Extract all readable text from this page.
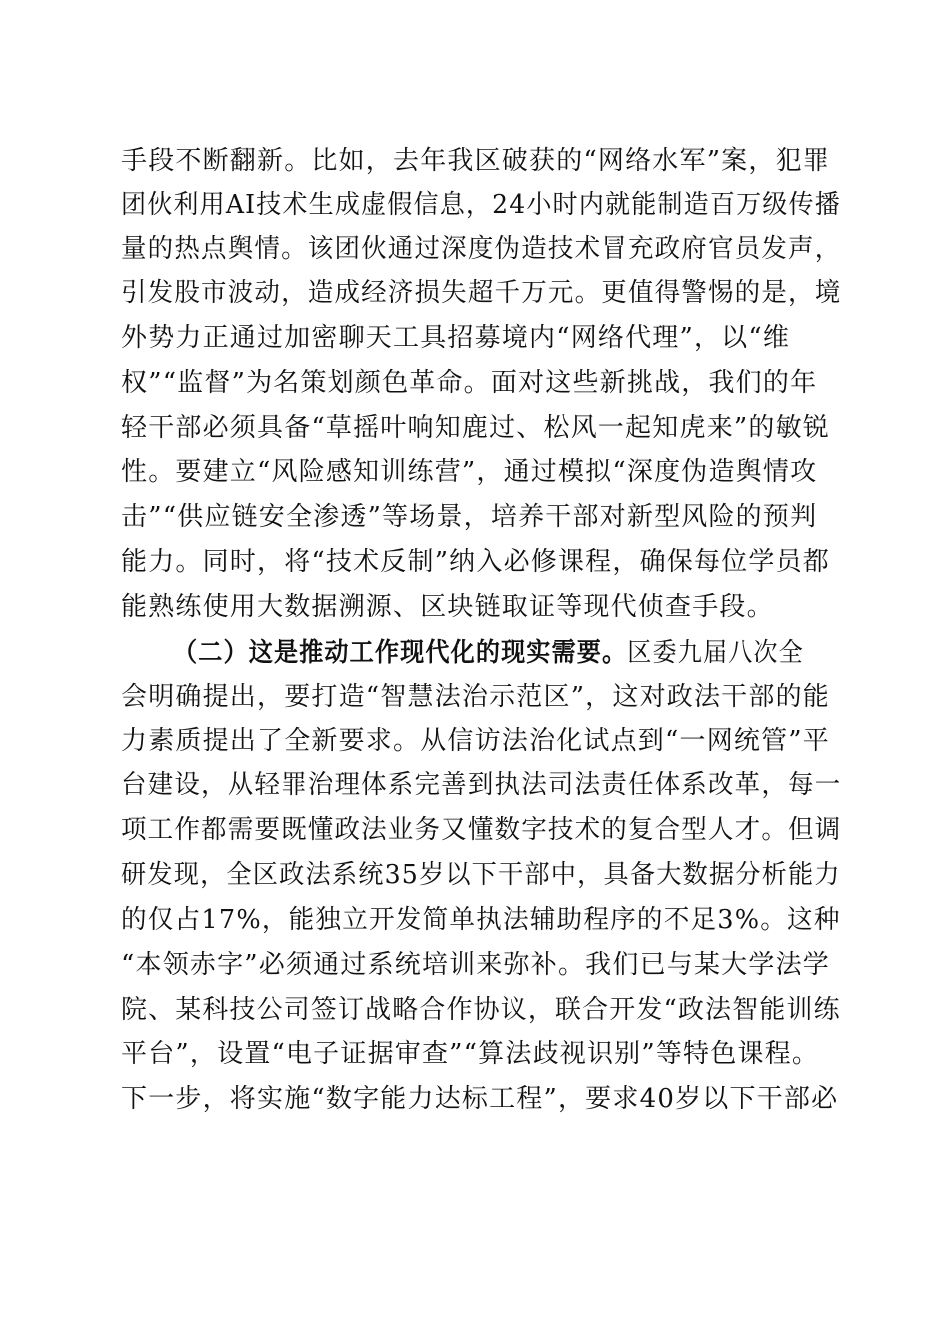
手段不断翻新。比如，去年我区破获的“网络水军”案，犯罪
团伙利用AI技术生成虚假信息，24小时内就能制造百万级传播
量的热点舆情。该团伙通过深度伪造技术冒充政府官员发声，
引发股市波动，造成经济损失超千万元。更值得警惕的是，境
外势力正通过加密聊天工具招募境内“网络代理”，以“维
权”“监督”为名策划颜色革命。面对这些新挑战，我们的年
轻干部必须具备“草摇叶响知鹿过、松风一起知虎来”的敏锐
性。要建立“风险感知训练营”，通过模拟“深度伪造舆情攻
击”“供应链安全渗透”等场景，培养干部对新型风险的预判
能力。同时，将“技术反制”纳入必修课程，确保每位学员都
能熟练使用大数据溯源、区块链取证等现代侦查手段。
（二）这是推动工作现代化的现实需要。区委九届八次全
会明确提出，要打造“智慧法治示范区”，这对政法干部的能
力素质提出了全新要求。从信访法治化试点到“一网统管”平
台建设，从轻罪治理体系完善到执法司法责任体系改革，每一
项工作都需要既懂政法业务又懂数字技术的复合型人才。但调
研发现，全区政法系统35岁以下干部中，具备大数据分析能力
的仅占17%，能独立开发简单执法辅助程序的不足3%。这种
“本领赤字”必须通过系统培训来弥补。我们已与某大学法学
院、某科技公司签订战略合作协议，联合开发“政法智能训练
平台”，设置“电子证据审查”“算法歧视识别”等特色课程。
下一步，将实施“数字能力达标工程”，要求40岁以下干部必
